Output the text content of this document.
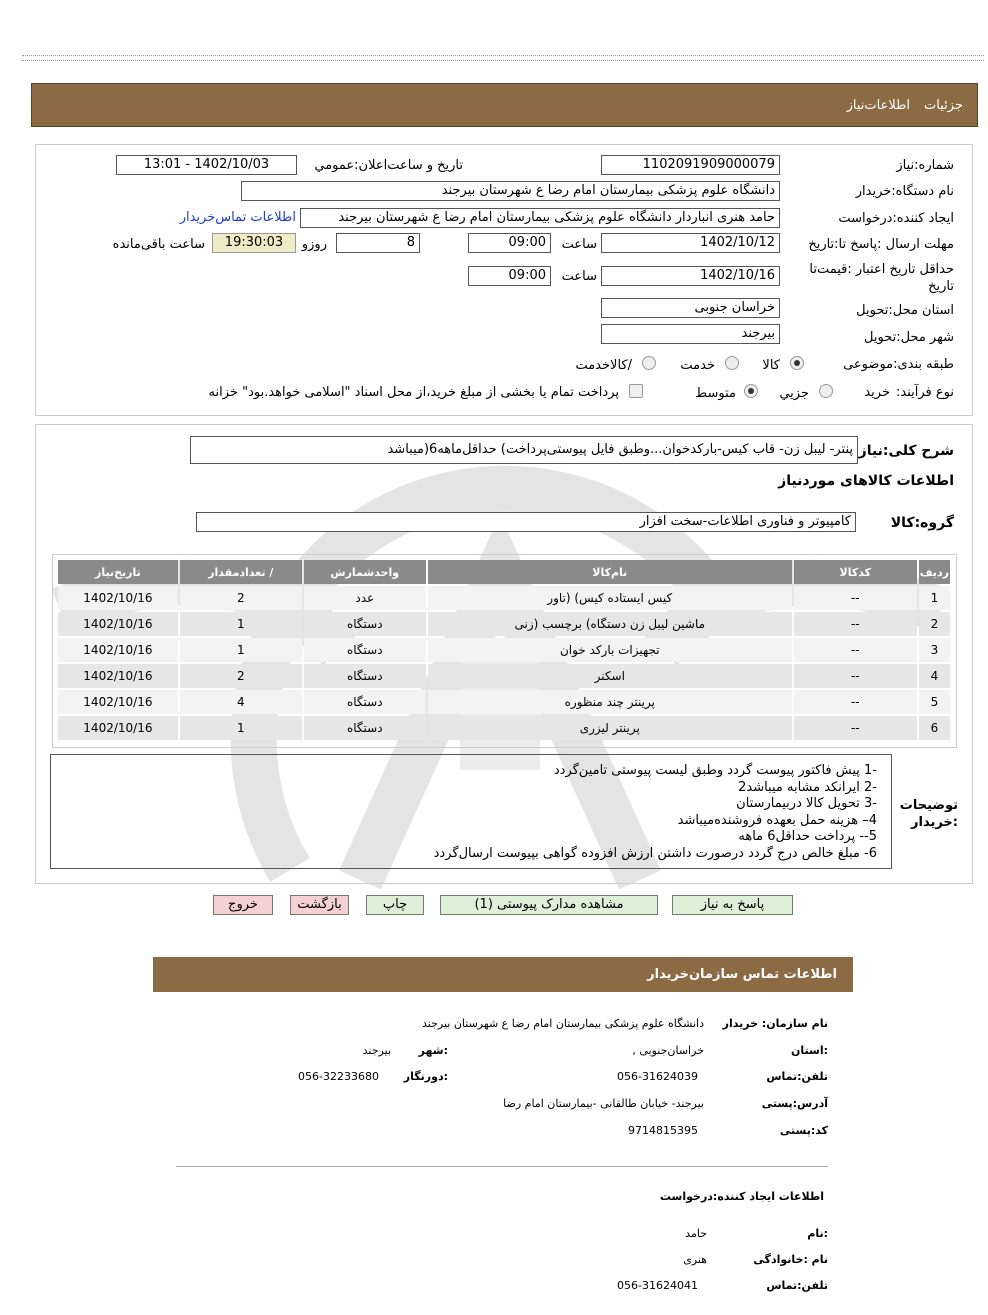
جزئیات
اطلاعات‌نیاز
شماره:نیاز
1102091909000079
تاریخ و ساعت‌اعلان:عمومي
1402/10/03 - 13:01
نام دستگاه:خریدار
دانشگاه علوم پزشکی بیمارستان امام رضا ع شهرستان بیرجند
ایجاد کننده:درخواست
حامد هنری انباردار دانشگاه علوم پزشکی بیمارستان امام رضا ع شهرستان بیرجند
اطلاعات تماس‌خریدار
مهلت ارسال :پاسخ تا:تاریخ
1402/10/12
ساعت
09:00
8
روزو
19:30:03
ساعت باقی‌مانده
حداقل تاریخ اعتبار :قیمت‌تا تاریخ
1402/10/16
ساعت
09:00
استان محل:تحویل
خراسان جنوبی
شهر محل:تحویل
بیرجند
طبقه بندی:موضوعی
کالا
خدمت
/کالاخدمت
نوع فرآیند:
خرید
جزیي
متوسط
پرداخت تمام یا بخشی از مبلغ خرید،از محل اسناد "اسلامی خواهد.بود" خزانه
شرح کلی:نیاز
پنتر- لیبل زن- قاب کیس-بارکدخوان...وطبق فایل پیوستی‌پرداخت) حداقل‌ماهه6(میباشد
اطلاعات کالاهای مورد‌نیاز
گروه:کالا
کامپیوتر و فناوری اطلاعات-سخت افزار
ردیف	کدکالا	نام‌کالا	واحدشمارش	/ تعدادمقدار	تاریخ‌نیاز
1	--	کیس ایستاده کیس) (تاور	عدد	2	1402/10/16
2	--	ماشین لیبل زن دستگاه) برچسب (زنی	دستگاه	1	1402/10/16
3	--	تجهیزات بارکد خوان	دستگاه	1	1402/10/16
4	--	اسکنر	دستگاه	2	1402/10/16
5	--	پرینتر چند منظوره	دستگاه	4	1402/10/16
6	--	پرینتر لیزری	دستگاه	1	1402/10/16
توضیحات :خریدار
-1 پیش فاکتور پیوست گردد وطبق لیست پیوستی تامین‌گردد
-2 ایرانکد مشابه میباشد2
-3 تحویل کالا دربیمارستان
4– هزینه حمل بعهده فروشنده‌میباشد
5-- پرداخت حداقل6 ماهه
6- مبلغ خالص درج گردد درصورت داشتن ارزش افزوده گواهی بپیوست ارسال‌گردد
پاسخ به نیاز
مشاهده مدارک پیوستی (1)
چاپ
بازگشت
خروج
اطلاعات تماس سازمان‌خریدار
نام سازمان: خریدار
دانشگاه علوم پزشکی بیمارستان امام رضا ع شهرستان بیرجند
:استان
خراسان‌جنوبی ,
:شهر
بیرجند
تلفن:تماس
056-31624039
:دورنگار
056-32233680
آدرس:پستی
بیرجند- خیابان طالقانی -بیمارستان امام رضا
کد:پستی
9714815395
اطلاعات ایجاد کننده:درخواست
:نام
حامد
نام :خانوادگی
هنری
تلفن:تماس
056-31624041
